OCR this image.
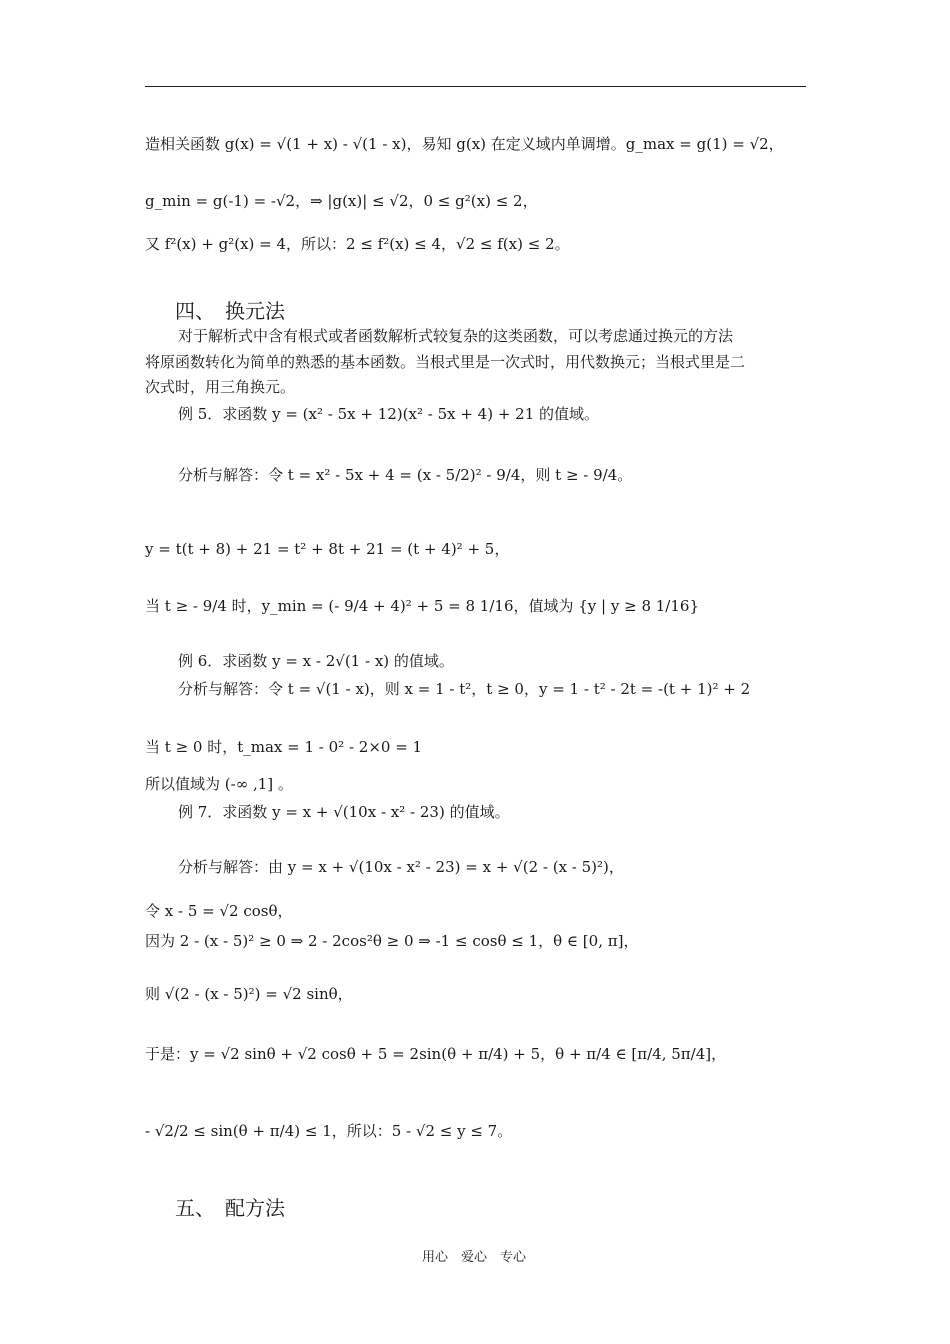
造相关函数 g(x) = √(1 + x) - √(1 - x)，易知 g(x) 在定义域内单调增。g_max = g(1) = √2，
g_min = g(-1) = -√2，⇒ |g(x)| ≤ √2，0 ≤ g²(x) ≤ 2，
又 f²(x) + g²(x) = 4，所以：2 ≤ f²(x) ≤ 4，√2 ≤ f(x) ≤ 2。
四、　换元法
对于解析式中含有根式或者函数解析式较复杂的这类函数，可以考虑通过换元的方法
将原函数转化为简单的熟悉的基本函数。当根式里是一次式时，用代数换元；当根式里是二
次式时，用三角换元。
例 5．求函数 y = (x² - 5x + 12)(x² - 5x + 4) + 21 的值域。
分析与解答：令 t = x² - 5x + 4 = (x - 5/2)² - 9/4，则 t ≥ - 9/4。
y = t(t + 8) + 21 = t² + 8t + 21 = (t + 4)² + 5，
当 t ≥ - 9/4 时，y_min = (- 9/4 + 4)² + 5 = 8 1/16，值域为 {y | y ≥ 8 1/16}
例 6．求函数 y = x - 2√(1 - x) 的值域。
分析与解答：令 t = √(1 - x)，则 x = 1 - t²，t ≥ 0，y = 1 - t² - 2t = -(t + 1)² + 2
当 t ≥ 0 时，t_max = 1 - 0² - 2×0 = 1
所以值域为 (-∞ ,1] 。
例 7．求函数 y = x + √(10x - x² - 23) 的值域。
分析与解答：由 y = x + √(10x - x² - 23) = x + √(2 - (x - 5)²)，
令 x - 5 = √2 cosθ，
因为 2 - (x - 5)² ≥ 0 ⇒ 2 - 2cos²θ ≥ 0 ⇒ -1 ≤ cosθ ≤ 1，θ ∈ [0, π]，
则 √(2 - (x - 5)²) = √2 sinθ，
于是：y = √2 sinθ + √2 cosθ + 5 = 2sin(θ + π/4) + 5，θ + π/4 ∈ [π/4, 5π/4]，
- √2/2 ≤ sin(θ + π/4) ≤ 1，所以：5 - √2 ≤ y ≤ 7。
五、　配方法
用心　爱心　专心
